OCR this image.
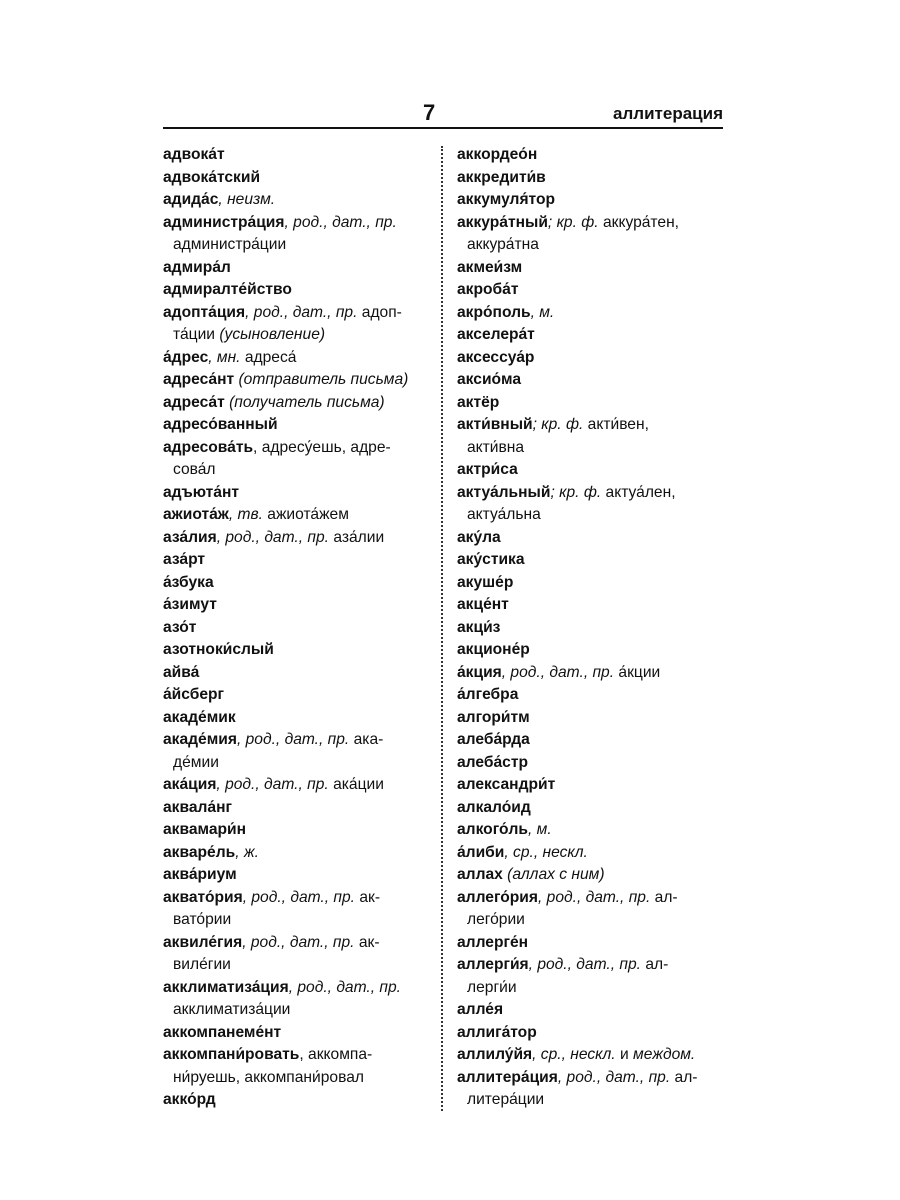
7	аллитерация
адвока́т
адвока́тский
адида́с, неизм.
администра́ция, род., дат., пр.
администра́ции
адмира́л
адмиралте́йство
адопта́ция, род., дат., пр. адоп-
та́ции (усыновление)
а́дрес, мн. адреса́
адреса́нт (отправитель письма)
адреса́т (получатель письма)
адресо́ванный
адресова́ть, адресу́ешь, адре-
сова́л
адъюта́нт
ажиота́ж, тв. ажиота́жем
аза́лия, род., дат., пр. аза́лии
аза́рт
а́збука
а́зимут
азо́т
азотноки́слый
айва́
а́йсберг
акаде́мик
акаде́мия, род., дат., пр. ака-
де́мии
ака́ция, род., дат., пр. ака́ции
аквала́нг
аквамари́н
акваре́ль, ж.
аква́риум
аквато́рия, род., дат., пр. ак-
вато́рии
аквиле́гия, род., дат., пр. ак-
виле́гии
акклиматиза́ция, род., дат., пр.
акклиматиза́ции
аккомпанеме́нт
аккомпани́ровать, аккомпа-
ни́руешь, аккомпани́ровал
акко́рд
аккордео́н
аккредити́в
аккумуля́тор
аккура́тный; кр. ф. аккура́тен,
аккура́тна
акмеи́зм
акроба́т
акро́поль, м.
акселера́т
аксессуа́р
аксио́ма
актёр
акти́вный; кр. ф. акти́вен,
акти́вна
актри́са
актуа́льный; кр. ф. актуа́лен,
актуа́льна
аку́ла
аку́стика
акуше́р
акце́нт
акци́з
акционе́р
а́кция, род., дат., пр. а́кции
а́лгебра
алгори́тм
алеба́рда
алеба́стр
александри́т
алкало́ид
алкого́ль, м.
а́либи, ср., нескл.
аллах (аллах с ним)
аллего́рия, род., дат., пр. ал-
лего́рии
аллерге́н
аллерги́я, род., дат., пр. ал-
лерги́и
алле́я
аллига́тор
аллилу́йя, ср., нескл. и междом.
аллитера́ция, род., дат., пр. ал-
литера́ции
